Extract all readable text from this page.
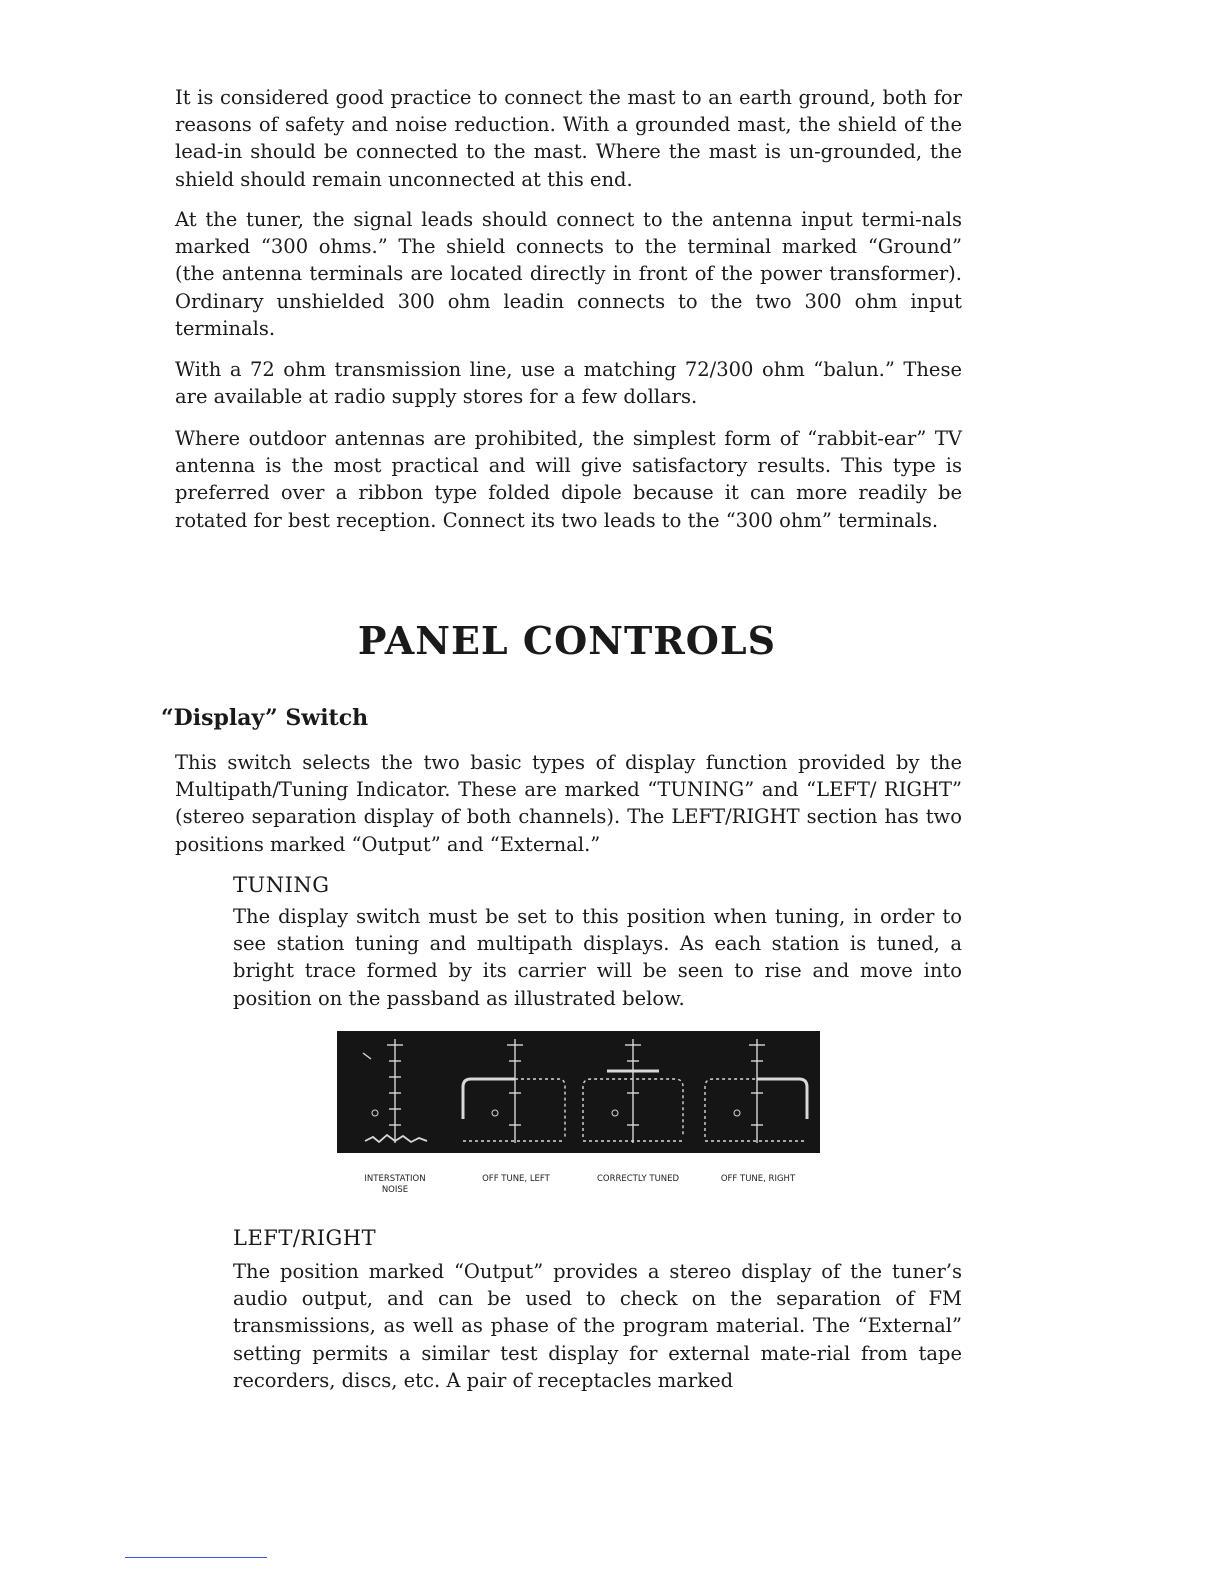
It is considered good practice to connect the mast to an earth ground, both for reasons of safety and noise reduction. With a grounded mast, the shield of the lead-in should be connected to the mast. Where the mast is un-grounded, the shield should remain unconnected at this end.

At the tuner, the signal leads should connect to the antenna input termi-nals marked “300 ohms.” The shield connects to the terminal marked “Ground” (the antenna terminals are located directly in front of the power transformer). Ordinary unshielded 300 ohm leadin connects to the two 300 ohm input terminals.

With a 72 ohm transmission line, use a matching 72/300 ohm “balun.” These are available at radio supply stores for a few dollars.

Where outdoor antennas are prohibited, the simplest form of “rabbit-ear” TV antenna is the most practical and will give satisfactory results. This type is preferred over a ribbon type folded dipole because it can more readily be rotated for best reception. Connect its two leads to the “300 ohm” terminals.

PANEL CONTROLS
“Display” Switch

This switch selects the two basic types of display function provided by the Multipath/Tuning Indicator. These are marked “TUNING” and “LEFT/ RIGHT” (stereo separation display of both channels). The LEFT/RIGHT section has two positions marked “Output” and “External.”

TUNING

The display switch must be set to this position when tuning, in order to see station tuning and multipath displays. As each station is tuned, a bright trace formed by its carrier will be seen to rise and move into position on the passband as illustrated below.

INTERSTATION
NOISE
OFF TUNE, LEFT	CORRECTLY TUNED	OFF TUNE, RIGHT
LEFT/RIGHT

The position marked “Output” provides a stereo display of the tuner’s audio output, and can be used to check on the separation of FM transmissions, as well as phase of the program material. The “External” setting permits a similar test display for external mate-rial from tape recorders, discs, etc. A pair of receptacles marked
